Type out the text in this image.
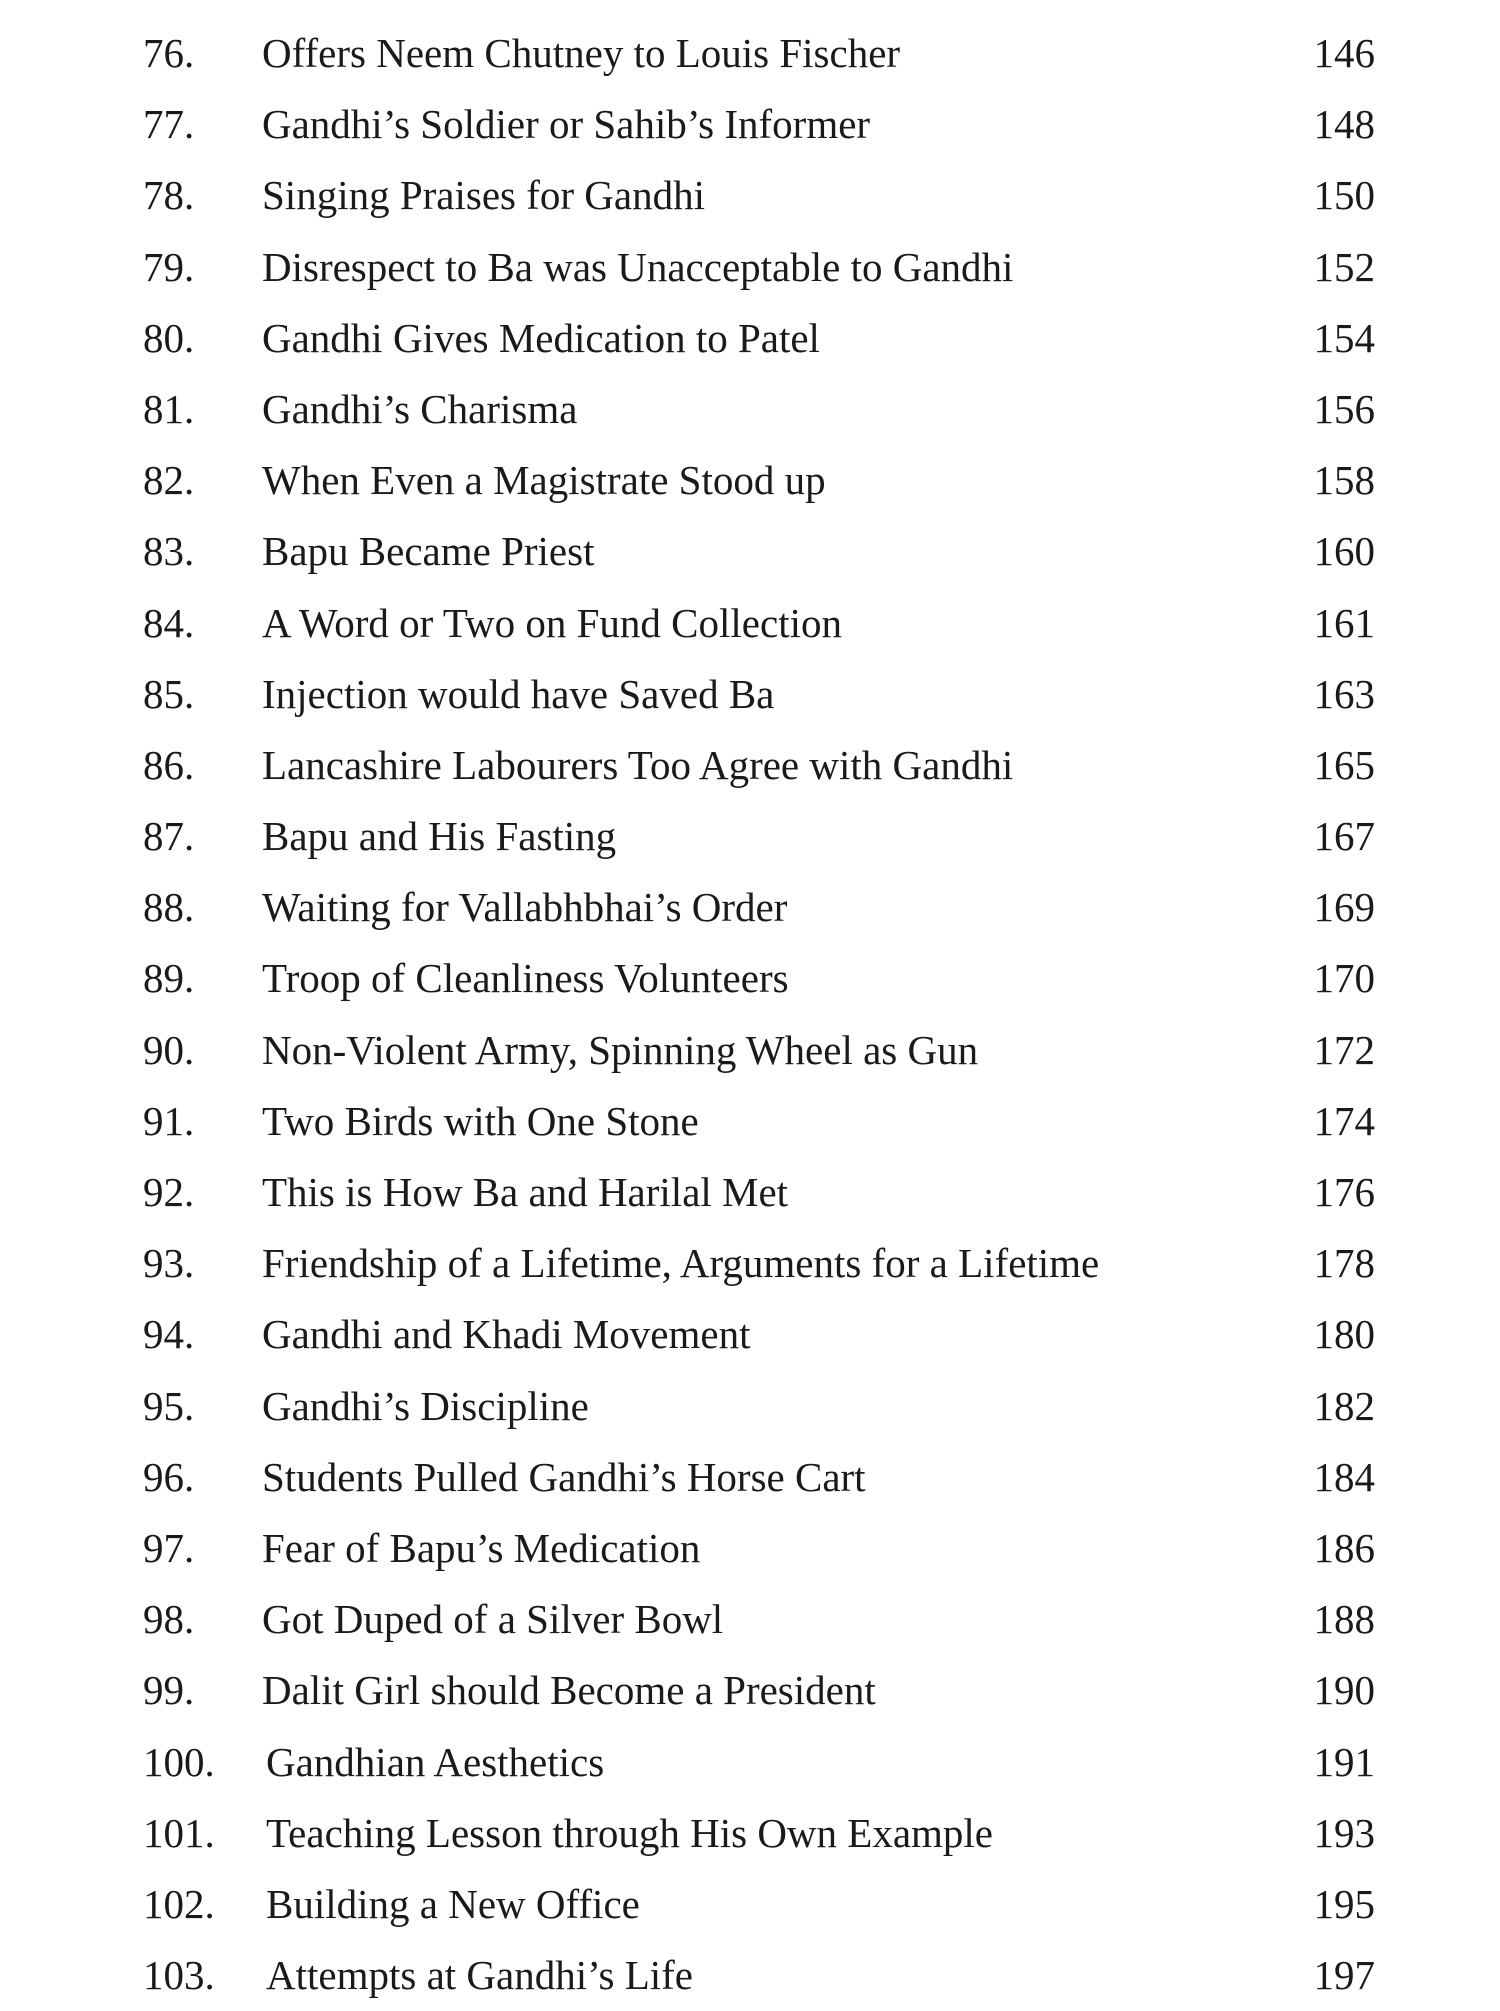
76. Offers Neem Chutney to Louis Fischer	146
77. Gandhi’s Soldier or Sahib’s Informer	148
78. Singing Praises for Gandhi	150
79. Disrespect to Ba was Unacceptable to Gandhi	152
80. Gandhi Gives Medication to Patel	154
81. Gandhi’s Charisma	156
82. When Even a Magistrate Stood up	158
83. Bapu Became Priest	160
84. A Word or Two on Fund Collection	161
85. Injection would have Saved Ba	163
86. Lancashire Labourers Too Agree with Gandhi	165
87. Bapu and His Fasting	167
88. Waiting for Vallabhbhai’s Order	169
89. Troop of Cleanliness Volunteers	170
90. Non-Violent Army, Spinning Wheel as Gun	172
91. Two Birds with One Stone	174
92. This is How Ba and Harilal Met	176
93. Friendship of a Lifetime, Arguments for a Lifetime	178
94. Gandhi and Khadi Movement	180
95. Gandhi’s Discipline	182
96. Students Pulled Gandhi’s Horse Cart	184
97. Fear of Bapu’s Medication	186
98. Got Duped of a Silver Bowl	188
99. Dalit Girl should Become a President	190
100. Gandhian Aesthetics	191
101. Teaching Lesson through His Own Example	193
102. Building a New Office	195
103. Attempts at Gandhi’s Life	197
